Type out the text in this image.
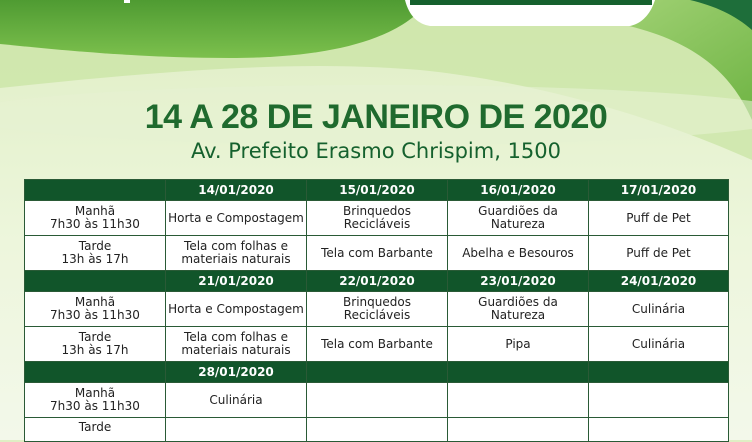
14 A 28 DE JANEIRO DE 2020
Av. Prefeito Erasmo Chrispim, 1500
	14/01/2020	15/01/2020	16/01/2020	17/01/2020

Manhã
7h30 às 11h30	Horta e Compostagem	Brinquedos Recicláveis	Guardiões da Natureza	Puff de Pet

Tarde
13h às 17h	Tela com folhas e materiais naturais	Tela com Barbante	Abelha e Besouros	Puff de Pet
	21/01/2020	22/01/2020	23/01/2020	24/01/2020

Manhã
7h30 às 11h30	Horta e Compostagem	Brinquedos Recicláveis	Guardiões da Natureza	Culinária

Tarde
13h às 17h	Tela com folhas e materiais naturais	Tela com Barbante	Pipa	Culinária
	28/01/2020			

Manhã
7h30 às 11h30	Culinária			

Tarde				
